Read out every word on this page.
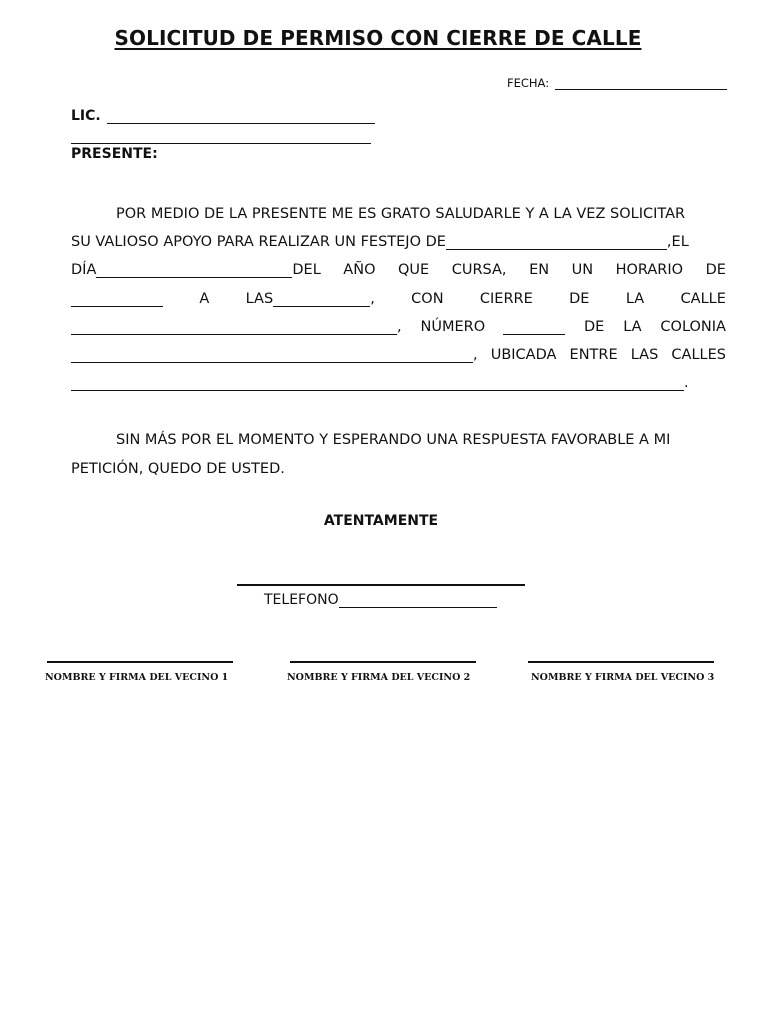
SOLICITUD DE PERMISO CON CIERRE DE CALLE
FECHA:
LIC.
PRESENTE:
POR MEDIO DE LA PRESENTE ME ES GRATO SALUDARLE Y A LA VEZ SOLICITAR
SU VALIOSO APOYO PARA REALIZAR UN FESTEJO DE	,EL
DÍA	DEL AÑO QUE CURSA, EN UN HORARIO DE
A	LAS	,	CON	CIERRE	DE	LA	CALLE
, NÚMERO	DE LA COLONIA
, UBICADA ENTRE LAS CALLES
.
SIN MÁS POR EL MOMENTO Y ESPERANDO UNA RESPUESTA FAVORABLE A MI
PETICIÓN, QUEDO DE USTED.
ATENTAMENTE
TELEFONO
NOMBRE Y FIRMA DEL VECINO 1	NOMBRE Y FIRMA DEL VECINO 2	NOMBRE Y FIRMA DEL VECINO 3
